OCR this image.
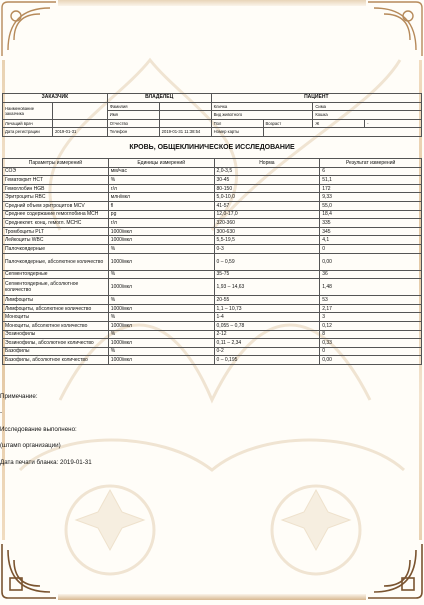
ЗАКАЗЧИК		ВЛАДЕЛЕЦ		ПАЦИЕНТ			
Наименование заказчика		Фамилия		Кличка		Сима	
		Имя		Вид животного		Кошка	
Лечащий врач		Отчество		Пол	Возраст	Ж	-
Дата регистрации	2019-01-31	Телефон	2019-01-31 11:38:54	Номер карты			
КРОВЬ, ОБЩЕКЛИНИЧЕСКОЕ ИССЛЕДОВАНИЕ
Параметры измерений	Единицы измерений	Норма	Результат измерений
СОЭ	мм/час	2,0-3,5	6
Гематокрит HCT	%	30-45	51,1
Гемоглобин HGB	г/л	80-150	172
Эритроциты RBC	млн/мкл	5,0-10,0	9,33
Средний объем эритроцитов MCV	fl	41-57	55,0
Среднее содержание гемоглобина MCH	pg	12,0-17,0	18,4
Среднеклет. конц. гемогл. MCHC	г/л	320-360	335
Тромбоциты PLT	1000/мкл	300-630	345
Лейкоциты WBC	1000/мкл	5,5-19,5	4,1
Палочкоядерные	%	0-3	0
Палочкоядерные, абсолютное количество	1000/мкл	0 – 0,59	0,00
Сегментоядерные	%	35-75	36
Сегментоядерные, абсолютное количество	1000/мкл	1,93 – 14,63	1,48
Лимфоциты	%	20-55	53
Лимфоциты, абсолютное количество	1000/мкл	1,1 – 10,73	2,17
Моноциты	%	1-4	3
Моноциты, абсолютное количество	1000/мкл	0,055 – 0,78	0,12
Эозинофилы	%	2-12	8
Эозинофилы, абсолютное количество	1000/мкл	0,11 – 2,34	0,33
Базофилы	%	0-2	0
Базофилы, абсолютное количество	1000/мкл	0 – 0,195	0,00
Примечание:
-
Исследование выполнено:
(штамп организации)
Дата печати бланка: 2019-01-31
